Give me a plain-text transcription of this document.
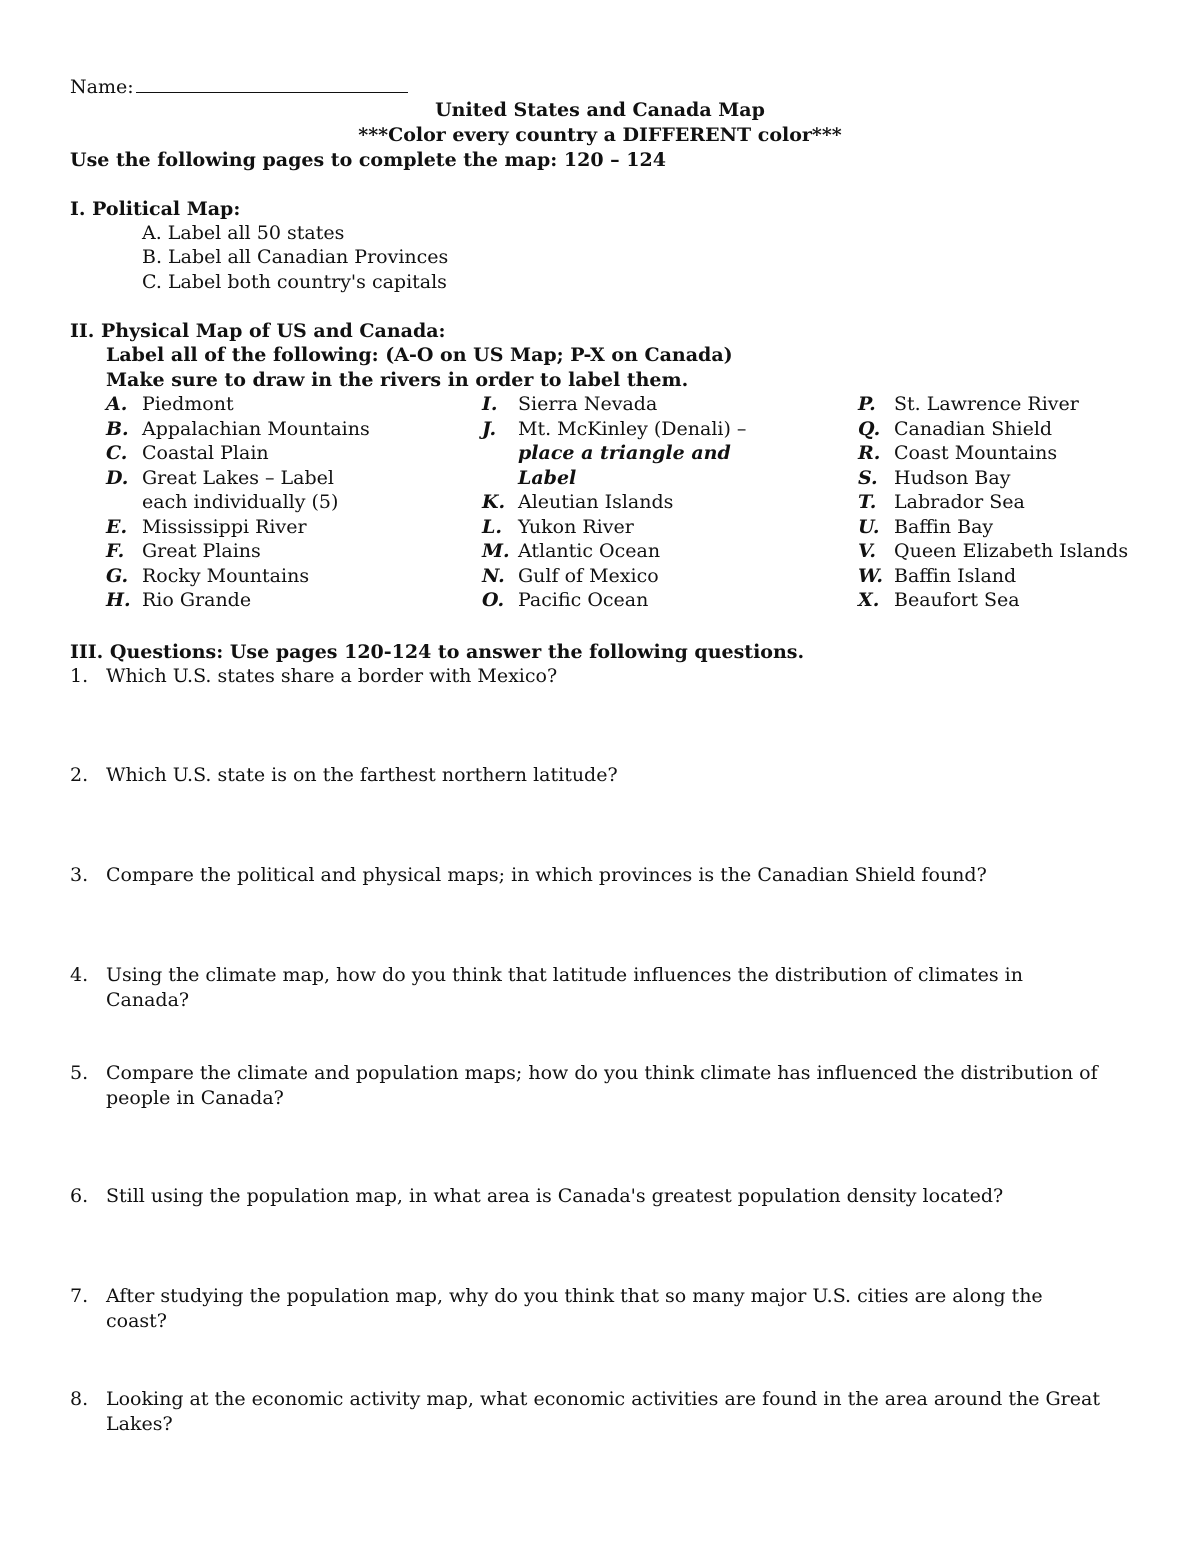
Name:
United States and Canada Map
***Color every country a DIFFERENT color***
Use the following pages to complete the map: 120 – 124
I. Political Map:
A. Label all 50 states
B. Label all Canadian Provinces
C. Label both country's capitals
II. Physical Map of US and Canada:
Label all of the following: (A-O on US Map; P-X on Canada)
Make sure to draw in the rivers in order to label them.
A. Piedmont
B. Appalachian Mountains
C. Coastal Plain
D. Great Lakes – Label
each individually (5)
E. Mississippi River
F. Great Plains
G. Rocky Mountains
H. Rio Grande
I.	Sierra Nevada
J.	Mt. McKinley (Denali) –
place a triangle and
Label
K. Aleutian Islands
L. Yukon River
M. Atlantic Ocean
N. Gulf of Mexico
O. Pacific Ocean
P. St. Lawrence River
Q. Canadian Shield
R. Coast Mountains
S. Hudson Bay
T. Labrador Sea
U. Baffin Bay
V. Queen Elizabeth Islands
W. Baffin Island
X. Beaufort Sea
III. Questions: Use pages 120-124 to answer the following questions.
1. Which U.S. states share a border with Mexico?
2. Which U.S. state is on the farthest northern latitude?
3. Compare the political and physical maps; in which provinces is the Canadian Shield found?
4. Using the climate map, how do you think that latitude influences the distribution of climates in Canada?
5. Compare the climate and population maps; how do you think climate has influenced the distribution of people in Canada?
6. Still using the population map, in what area is Canada's greatest population density located?
7. After studying the population map, why do you think that so many major U.S. cities are along the coast?
8. Looking at the economic activity map, what economic activities are found in the area around the Great Lakes?
